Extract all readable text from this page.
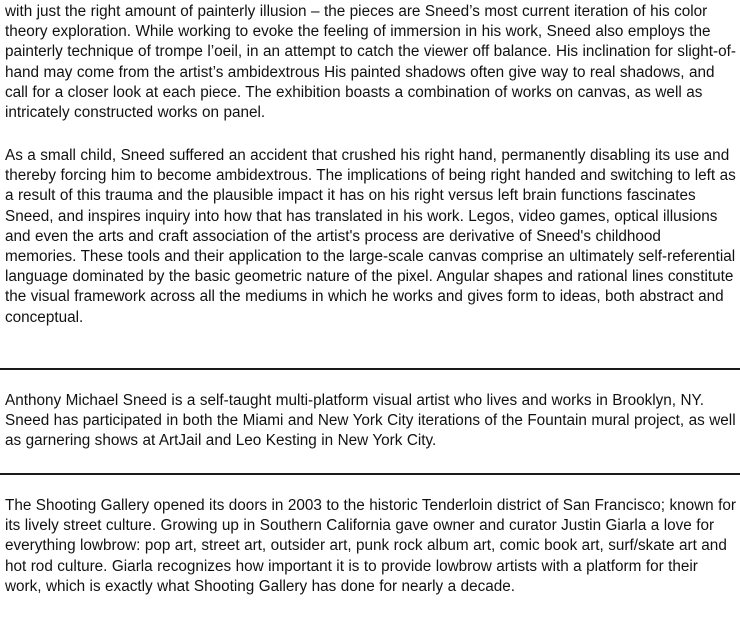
with just the right amount of painterly illusion – the pieces are Sneed’s most current iteration of his color theory exploration. While working to evoke the feeling of immersion in his work, Sneed also employs the painterly technique of trompe l’oeil, in an attempt to catch the viewer off balance. His inclination for slight-of-hand may come from the artist’s ambidextrous His painted shadows often give way to real shadows, and call for a closer look at each piece. The exhibition boasts a combination of works on canvas, as well as intricately constructed works on panel.

As a small child, Sneed suffered an accident that crushed his right hand, permanently disabling its use and thereby forcing him to become ambidextrous. The implications of being right handed and switching to left as a result of this trauma and the plausible impact it has on his right versus left brain functions fascinates Sneed, and inspires inquiry into how that has translated in his work. Legos, video games, optical illusions and even the arts and craft association of the artist's process are derivative of Sneed's childhood memories. These tools and their application to the large-scale canvas comprise an ultimately self-referential language dominated by the basic geometric nature of the pixel. Angular shapes and rational lines constitute the visual framework across all the mediums in which he works and gives form to ideas, both abstract and conceptual.

Anthony Michael Sneed is a self-taught multi-platform visual artist who lives and works in Brooklyn, NY. Sneed has participated in both the Miami and New York City iterations of the Fountain mural project, as well as garnering shows at ArtJail and Leo Kesting in New York City.

The Shooting Gallery opened its doors in 2003 to the historic Tenderloin district of San Francisco; known for its lively street culture. Growing up in Southern California gave owner and curator Justin Giarla a love for everything lowbrow: pop art, street art, outsider art, punk rock album art, comic book art, surf/skate art and hot rod culture. Giarla recognizes how important it is to provide lowbrow artists with a platform for their work, which is exactly what Shooting Gallery has done for nearly a decade.
